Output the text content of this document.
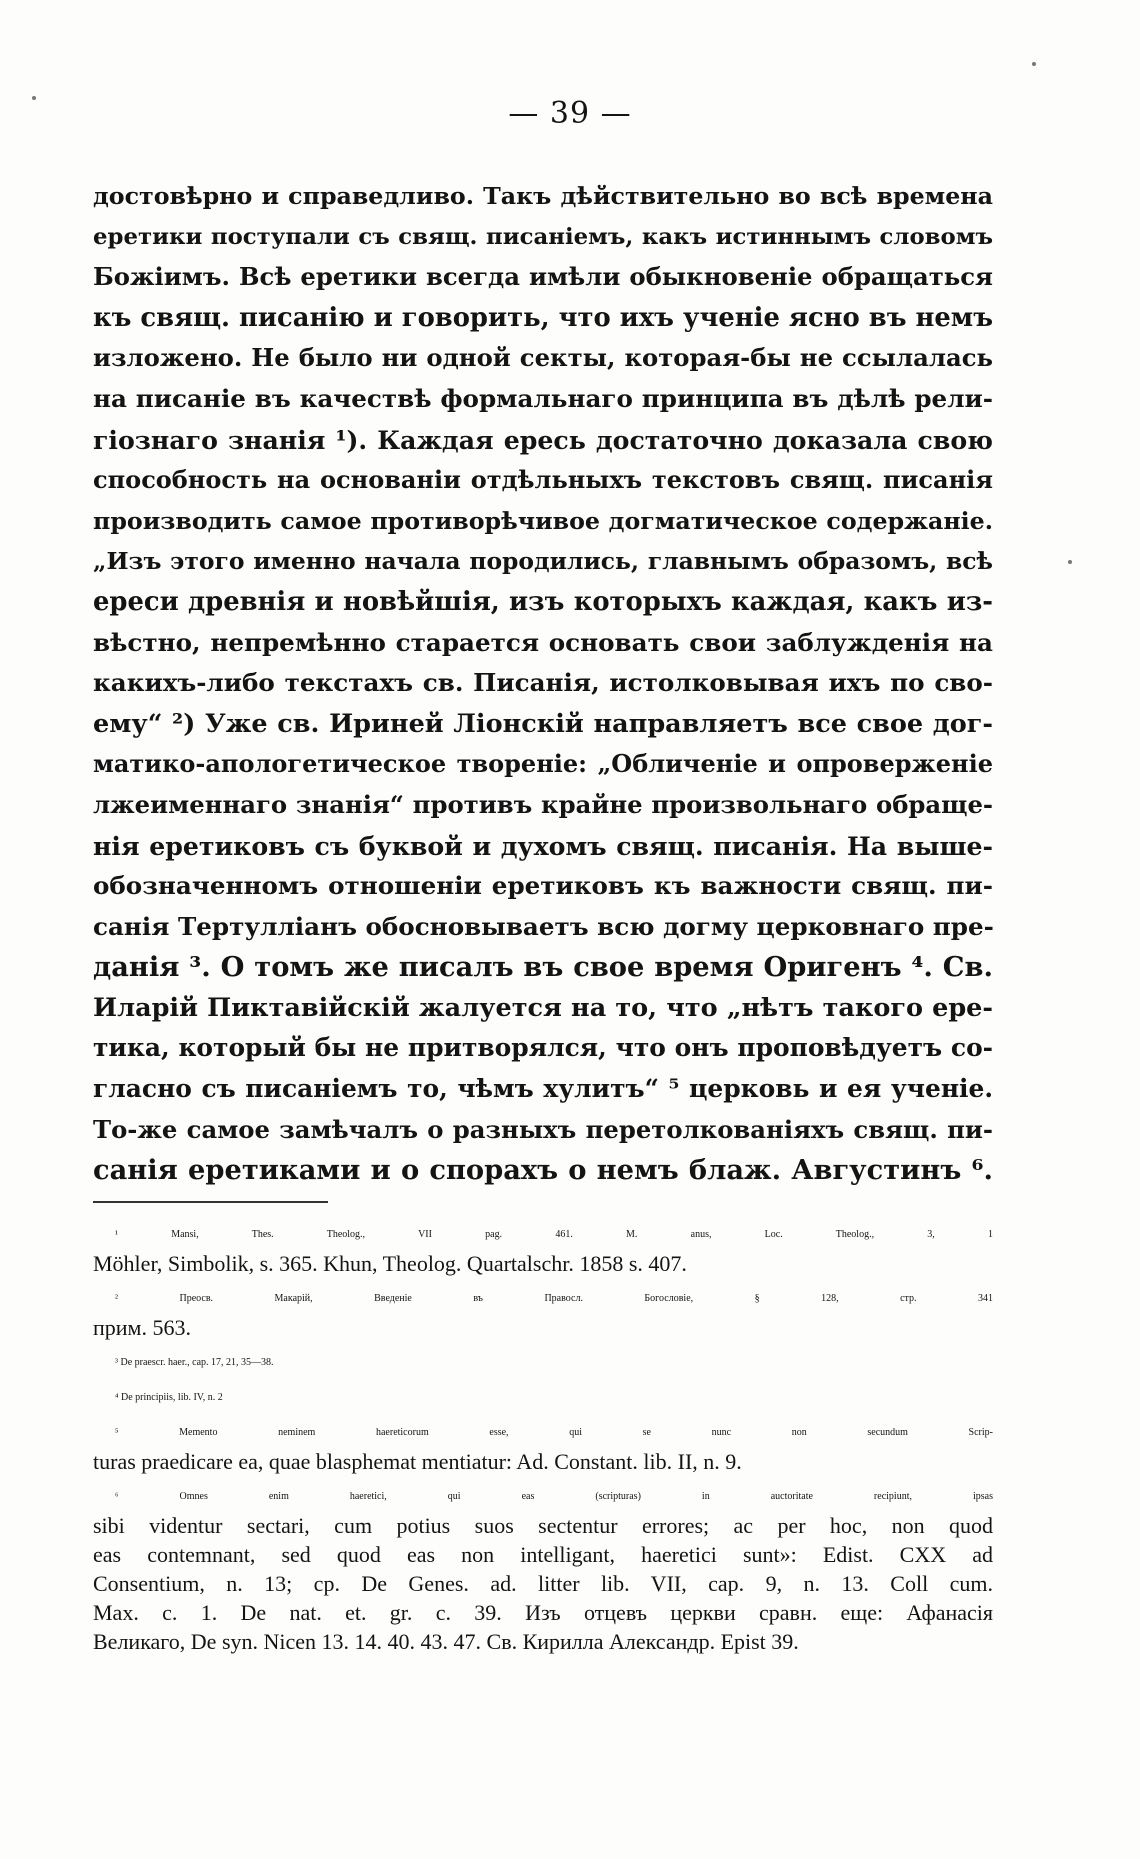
— 39 —
достовѣрно и справедливо. Такъ дѣйствительно во всѣ времена
еретики поступали съ свящ. писаніемъ, какъ истиннымъ словомъ
Божіимъ. Всѣ еретики всегда имѣли обыкновеніе обращаться
къ свящ. писанію и говорить, что ихъ ученіе ясно въ немъ
изложено. Не было ни одной секты, которая-бы не ссылалась
на писаніе въ качествѣ формальнаго принципа въ дѣлѣ рели-
гіознаго знанія ¹). Каждая ересь достаточно доказала свою
способность на основаніи отдѣльныхъ текстовъ свящ. писанія
производить самое противорѣчивое догматическое содержаніе.
„Изъ этого именно начала породились, главнымъ образомъ, всѣ
ереси древнія и новѣйшія, изъ которыхъ каждая, какъ из-
вѣстно, непремѣнно старается основать свои заблужденія на
какихъ-либо текстахъ св. Писанія, истолковывая ихъ по сво-
ему“ ²) Уже св. Ириней Ліонскій направляетъ все свое дог-
матико-апологетическое твореніе: „Обличеніе и опроверженіе
лжеименнаго знанія“ противъ крайне произвольнаго обраще-
нія еретиковъ съ буквой и духомъ свящ. писанія. На выше-
обозначенномъ отношеніи еретиковъ къ важности свящ. пи-
санія Тертулліанъ обосновываетъ всю догму церковнаго пре-
данія ³. О томъ же писалъ въ свое время Оригенъ ⁴. Св.
Иларій Пиктавійскій жалуется на то, что „нѣтъ такого ере-
тика, который бы не притворялся, что онъ проповѣдуетъ со-
гласно съ писаніемъ то, чѣмъ хулитъ“ ⁵ церковь и ея ученіе.
То-же самое замѣчалъ о разныхъ перетолкованіяхъ свящ. пи-
санія еретиками и о спорахъ о немъ блаж. Августинъ ⁶.
¹ Mansi, Thes. Theolog., VII pag. 461. M. anus, Loc. Theolog., 3, 1
Möhler, Simbolik, s. 365. Khun, Theolog. Quartalschr. 1858 s. 407.
² Преосв. Макарій, Введеніе въ Правосл. Богословіе, § 128, стр. 341
прим. 563.
³ De praescr. haer., cap. 17, 21, 35—38.
⁴ De principiis, lib. IV, n. 2
⁵ Memento neminem haereticorum esse, qui se nunc non secundum Scrip-
turas praedicare ea, quae blasphemat mentiatur: Ad. Constant. lib. II, n. 9.
⁶ Omnes enim haeretici, qui eas (scripturas) in auctoritate recipiunt, ipsas
sibi videntur sectari, cum potius suos sectentur errores; ac per hoc, non quod
eas contemnant, sed quod eas non intelligant, haeretici sunt»: Edist. CXX ad
Consentium, n. 13; cp. De Genes. ad. litter lib. VII, cap. 9, n. 13. Coll cum.
Max. c. 1. De nat. et. gr. c. 39. Изъ отцевъ церкви сравн. еще: Афанасія
Великаго, De syn. Nicen 13. 14. 40. 43. 47. Св. Кирилла Александр. Epist 39.
